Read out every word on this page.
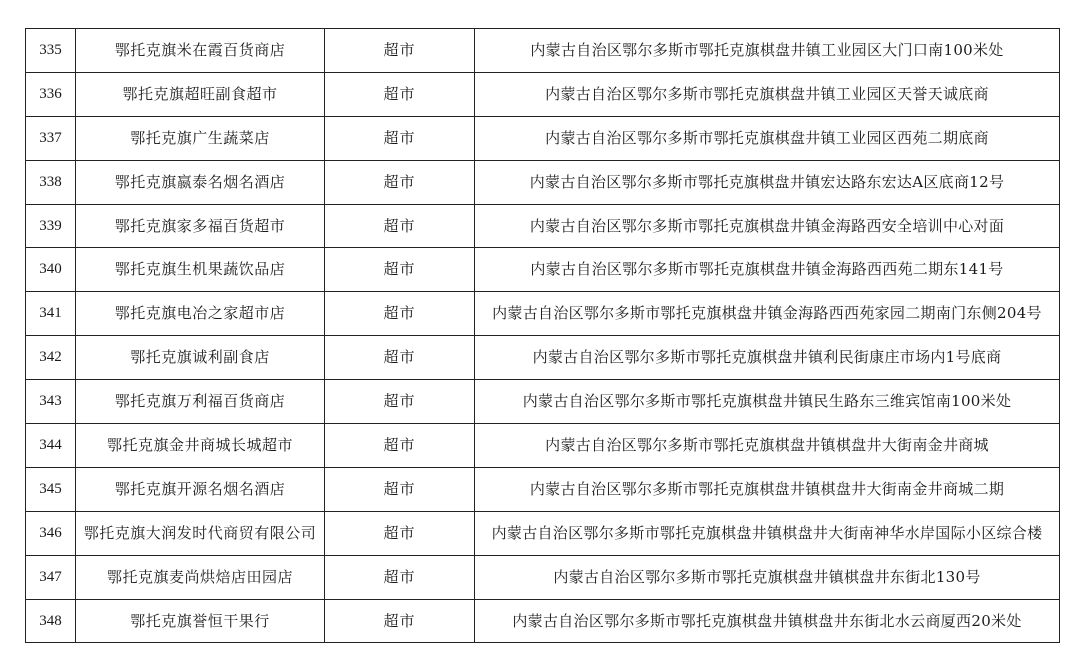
335	鄂托克旗米在霞百货商店	超市	内蒙古自治区鄂尔多斯市鄂托克旗棋盘井镇工业园区大门口南100米处
336	鄂托克旗超旺副食超市	超市	内蒙古自治区鄂尔多斯市鄂托克旗棋盘井镇工业园区天誉天诚底商
337	鄂托克旗广生蔬菜店	超市	内蒙古自治区鄂尔多斯市鄂托克旗棋盘井镇工业园区西苑二期底商
338	鄂托克旗嬴泰名烟名酒店	超市	内蒙古自治区鄂尔多斯市鄂托克旗棋盘井镇宏达路东宏达A区底商12号
339	鄂托克旗家多福百货超市	超市	内蒙古自治区鄂尔多斯市鄂托克旗棋盘井镇金海路西安全培训中心对面
340	鄂托克旗生机果蔬饮品店	超市	内蒙古自治区鄂尔多斯市鄂托克旗棋盘井镇金海路西西苑二期东141号
341	鄂托克旗电冶之家超市店	超市	内蒙古自治区鄂尔多斯市鄂托克旗棋盘井镇金海路西西苑家园二期南门东侧204号
342	鄂托克旗诚利副食店	超市	内蒙古自治区鄂尔多斯市鄂托克旗棋盘井镇利民街康庄市场内1号底商
343	鄂托克旗万利福百货商店	超市	内蒙古自治区鄂尔多斯市鄂托克旗棋盘井镇民生路东三维宾馆南100米处
344	鄂托克旗金井商城长城超市	超市	内蒙古自治区鄂尔多斯市鄂托克旗棋盘井镇棋盘井大街南金井商城
345	鄂托克旗开源名烟名酒店	超市	内蒙古自治区鄂尔多斯市鄂托克旗棋盘井镇棋盘井大街南金井商城二期
346	鄂托克旗大润发时代商贸有限公司	超市	内蒙古自治区鄂尔多斯市鄂托克旗棋盘井镇棋盘井大街南神华水岸国际小区综合楼
347	鄂托克旗麦尚烘焙店田园店	超市	内蒙古自治区鄂尔多斯市鄂托克旗棋盘井镇棋盘井东街北130号
348	鄂托克旗誉恒干果行	超市	内蒙古自治区鄂尔多斯市鄂托克旗棋盘井镇棋盘井东街北水云商厦西20米处
